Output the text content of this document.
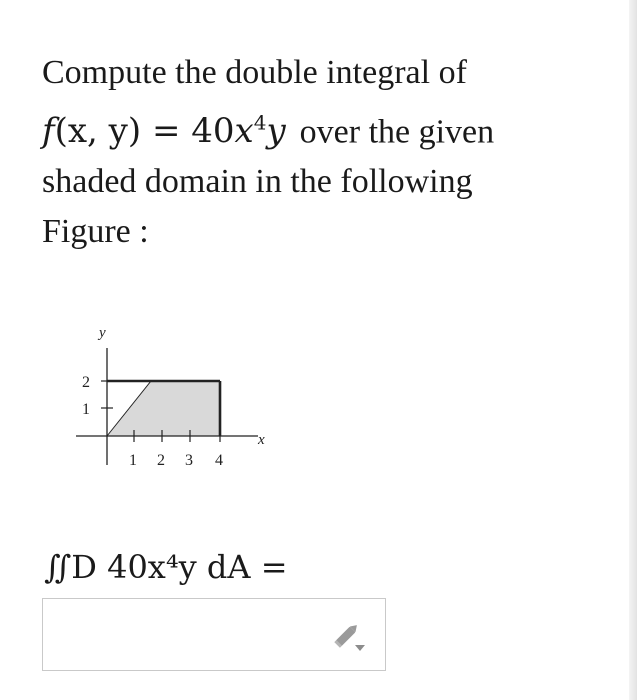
Compute the double integral of
f(x, $y) = 40x^4y$ over the given
shaded domain in the following
Figure :
y
x
2
1
1 2 3 4
∬D 40x⁴y dA =
